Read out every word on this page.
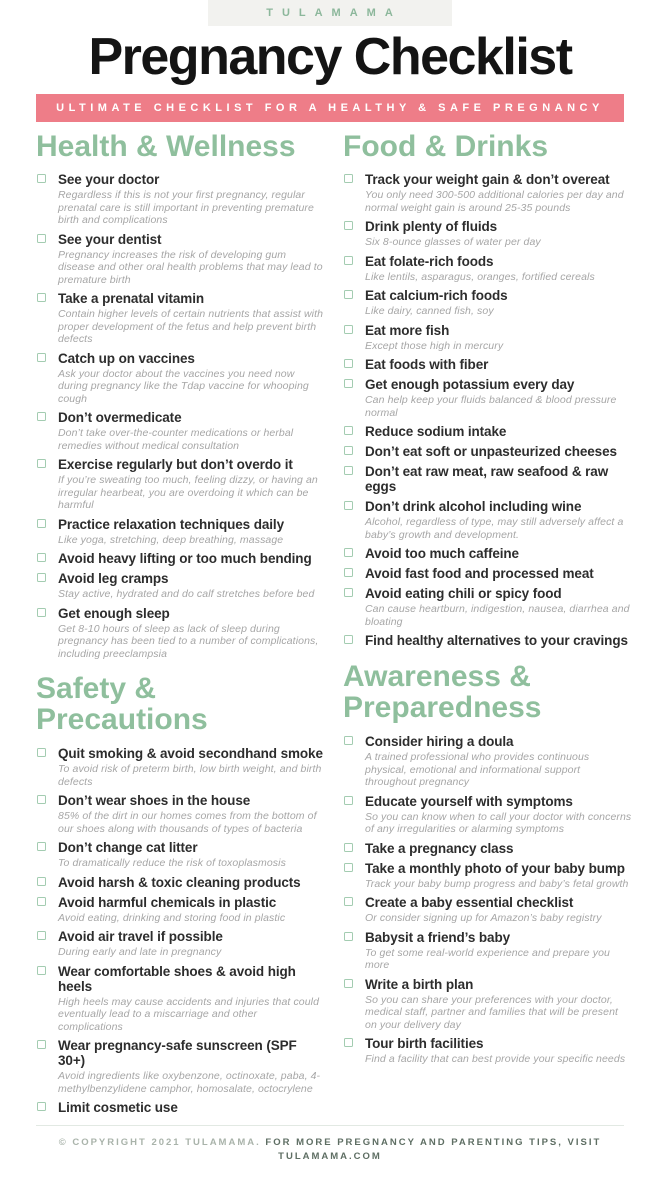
TULAMAMA
Pregnancy Checklist
ULTIMATE CHECKLIST FOR A HEALTHY & SAFE PREGNANCY
Health & Wellness
See your doctor
Regardless if this is not your first pregnancy, regular prenatal care is still important in preventing premature birth and complications
See your dentist
Pregnancy increases the risk of developing gum disease and other oral health problems that may lead to premature birth
Take a prenatal vitamin
Contain higher levels of certain nutrients that assist with proper development of the fetus and help prevent birth defects
Catch up on vaccines
Ask your doctor about the vaccines you need now during pregnancy like the Tdap vaccine for whooping cough
Don’t overmedicate
Don’t take over-the-counter medications or herbal remedies without medical consultation
Exercise regularly but don’t overdo it
If you’re sweating too much, feeling dizzy, or having an irregular hearbeat, you are overdoing it which can be harmful
Practice relaxation techniques daily
Like yoga, stretching, deep breathing, massage
Avoid heavy lifting or too much bending
Avoid leg cramps
Stay active, hydrated and do calf stretches before bed
Get enough sleep
Get 8-10 hours of sleep as lack of sleep during pregnancy has been tied to a number of complications, including preeclampsia
Safety & Precautions
Quit smoking & avoid secondhand smoke
To avoid risk of preterm birth, low birth weight, and birth defects
Don’t wear shoes in the house
85% of the dirt in our homes comes from the bottom of our shoes along with thousands of types of bacteria
Don’t change cat litter
To dramatically reduce the risk of toxoplasmosis
Avoid harsh & toxic cleaning products
Avoid harmful chemicals in plastic
Avoid eating, drinking and storing food in plastic
Avoid air travel if possible
During early and late in pregnancy
Wear comfortable shoes & avoid high heels
High heels may cause accidents and injuries that could eventually lead to a miscarriage and other complications
Wear pregnancy-safe sunscreen (SPF 30+)
Avoid ingredients like oxybenzone, octinoxate, paba, 4-methylbenzylidene camphor, homosalate, octocrylene
Limit cosmetic use
Food & Drinks
Track your weight gain & don’t overeat
You only need 300-500 additional calories per day and normal weight gain is around 25-35 pounds
Drink plenty of fluids
Six 8-ounce glasses of water per day
Eat folate-rich foods
Like lentils, asparagus, oranges, fortified cereals
Eat calcium-rich foods
Like dairy, canned fish, soy
Eat more fish
Except those high in mercury
Eat foods with fiber
Get enough potassium every day
Can help keep your fluids balanced & blood pressure normal
Reduce sodium intake
Don’t eat soft or unpasteurized cheeses
Don’t eat raw meat, raw seafood & raw eggs
Don’t drink alcohol including wine
Alcohol, regardless of type, may still adversely affect a baby’s growth and development.
Avoid too much caffeine
Avoid fast food and processed meat
Avoid eating chili or spicy food
Can cause heartburn, indigestion, nausea, diarrhea and bloating
Find healthy alternatives to your cravings
Awareness & Preparedness
Consider hiring a doula
A trained professional who provides continuous physical, emotional and informational support throughout pregnancy
Educate yourself with symptoms
So you can know when to call your doctor with concerns of any irregularities or alarming symptoms
Take a pregnancy class
Take a monthly photo of your baby bump
Track your baby bump progress and baby’s fetal growth
Create a baby essential checklist
Or consider signing up for Amazon’s baby registry
Babysit a friend’s baby
To get some real-world experience and prepare you more
Write a birth plan
So you can share your preferences with your doctor, medical staff, partner and families that will be present on your delivery day
Tour birth facilities
Find a facility that can best provide your specific needs

© COPYRIGHT 2021 TULAMAMA. FOR MORE PREGNANCY AND PARENTING TIPS, VISIT TULAMAMA.COM
